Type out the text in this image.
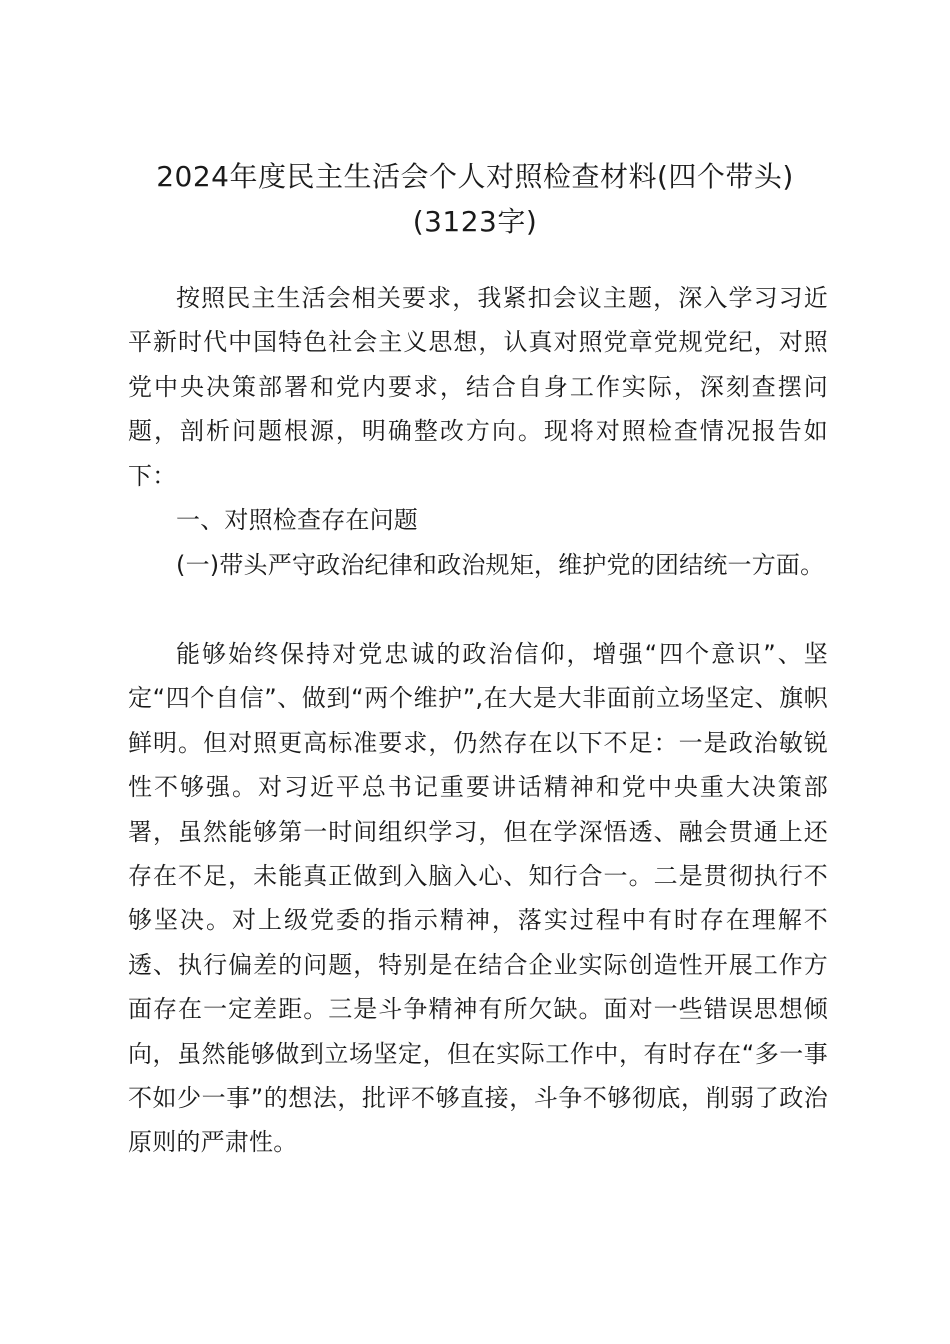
2024年度民主生活会个人对照检查材料(四个带头)
(3123字)

按照民主生活会相关要求，我紧扣会议主题，深入学习习近平新时代中国特色社会主义思想，认真对照党章党规党纪，对照党中央决策部署和党内要求，结合自身工作实际，深刻查摆问题，剖析问题根源，明确整改方向。现将对照检查情况报告如下：

一、对照检查存在问题

(一)带头严守政治纪律和政治规矩，维护党的团结统一方面。

能够始终保持对党忠诚的政治信仰，增强“四个意识”、坚定“四个自信”、做到“两个维护”,在大是大非面前立场坚定、旗帜鲜明。但对照更高标准要求，仍然存在以下不足：一是政治敏锐性不够强。对习近平总书记重要讲话精神和党中央重大决策部署，虽然能够第一时间组织学习，但在学深悟透、融会贯通上还存在不足，未能真正做到入脑入心、知行合一。二是贯彻执行不够坚决。对上级党委的指示精神，落实过程中有时存在理解不透、执行偏差的问题，特别是在结合企业实际创造性开展工作方面存在一定差距。三是斗争精神有所欠缺。面对一些错误思想倾向，虽然能够做到立场坚定，但在实际工作中，有时存在“多一事不如少一事”的想法，批评不够直接，斗争不够彻底，削弱了政治原则的严肃性。
